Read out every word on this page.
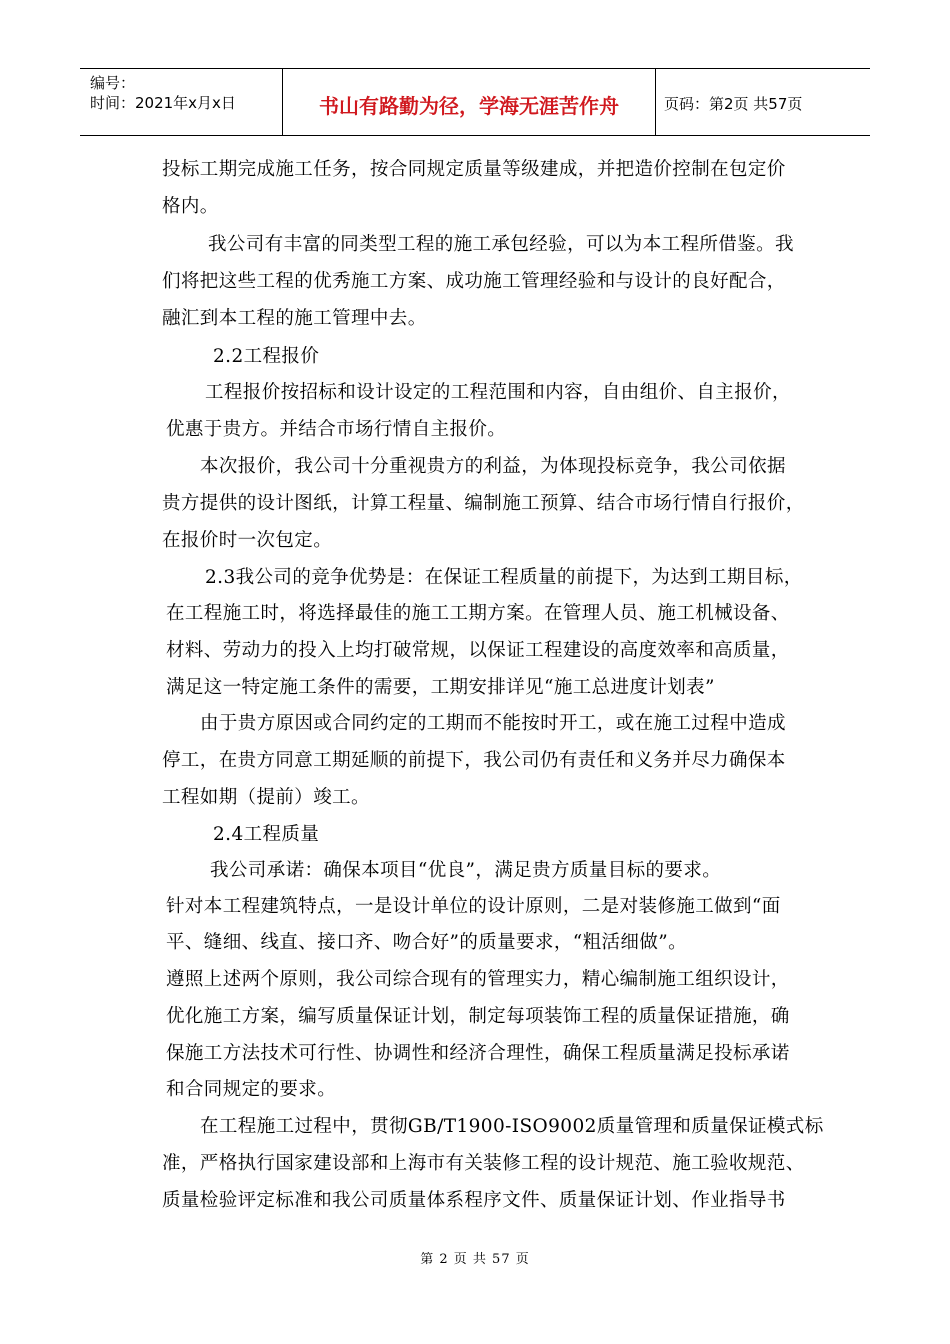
编号：
时间：2021年x月x日	书山有路勤为径，学海无涯苦作舟	页码：第2页 共57页
投标工期完成施工任务，按合同规定质量等级建成，并把造价控制在包定价
格内。
我公司有丰富的同类型工程的施工承包经验，可以为本工程所借鉴。我
们将把这些工程的优秀施工方案、成功施工管理经验和与设计的良好配合，
融汇到本工程的施工管理中去。
2.2工程报价
工程报价按招标和设计设定的工程范围和内容，自由组价、自主报价，
优惠于贵方。并结合市场行情自主报价。
本次报价，我公司十分重视贵方的利益，为体现投标竞争，我公司依据
贵方提供的设计图纸，计算工程量、编制施工预算、结合市场行情自行报价，
在报价时一次包定。
2.3我公司的竞争优势是：在保证工程质量的前提下，为达到工期目标，
在工程施工时，将选择最佳的施工工期方案。在管理人员、施工机械设备、
材料、劳动力的投入上均打破常规，以保证工程建设的高度效率和高质量，
满足这一特定施工条件的需要，工期安排详见“施工总进度计划表”
由于贵方原因或合同约定的工期而不能按时开工，或在施工过程中造成
停工，在贵方同意工期延顺的前提下，我公司仍有责任和义务并尽力确保本
工程如期（提前）竣工。
2.4工程质量
我公司承诺：确保本项目“优良”，满足贵方质量目标的要求。
针对本工程建筑特点，一是设计单位的设计原则，二是对装修施工做到“面
平、缝细、线直、接口齐、吻合好”的质量要求，“粗活细做”。
遵照上述两个原则，我公司综合现有的管理实力，精心编制施工组织设计，
优化施工方案，编写质量保证计划，制定每项装饰工程的质量保证措施，确
保施工方法技术可行性、协调性和经济合理性，确保工程质量满足投标承诺
和合同规定的要求。
在工程施工过程中，贯彻GB/T1900-ISO9002质量管理和质量保证模式标
准，严格执行国家建设部和上海市有关装修工程的设计规范、施工验收规范、
质量检验评定标准和我公司质量体系程序文件、质量保证计划、作业指导书
第 2 页 共 57 页
